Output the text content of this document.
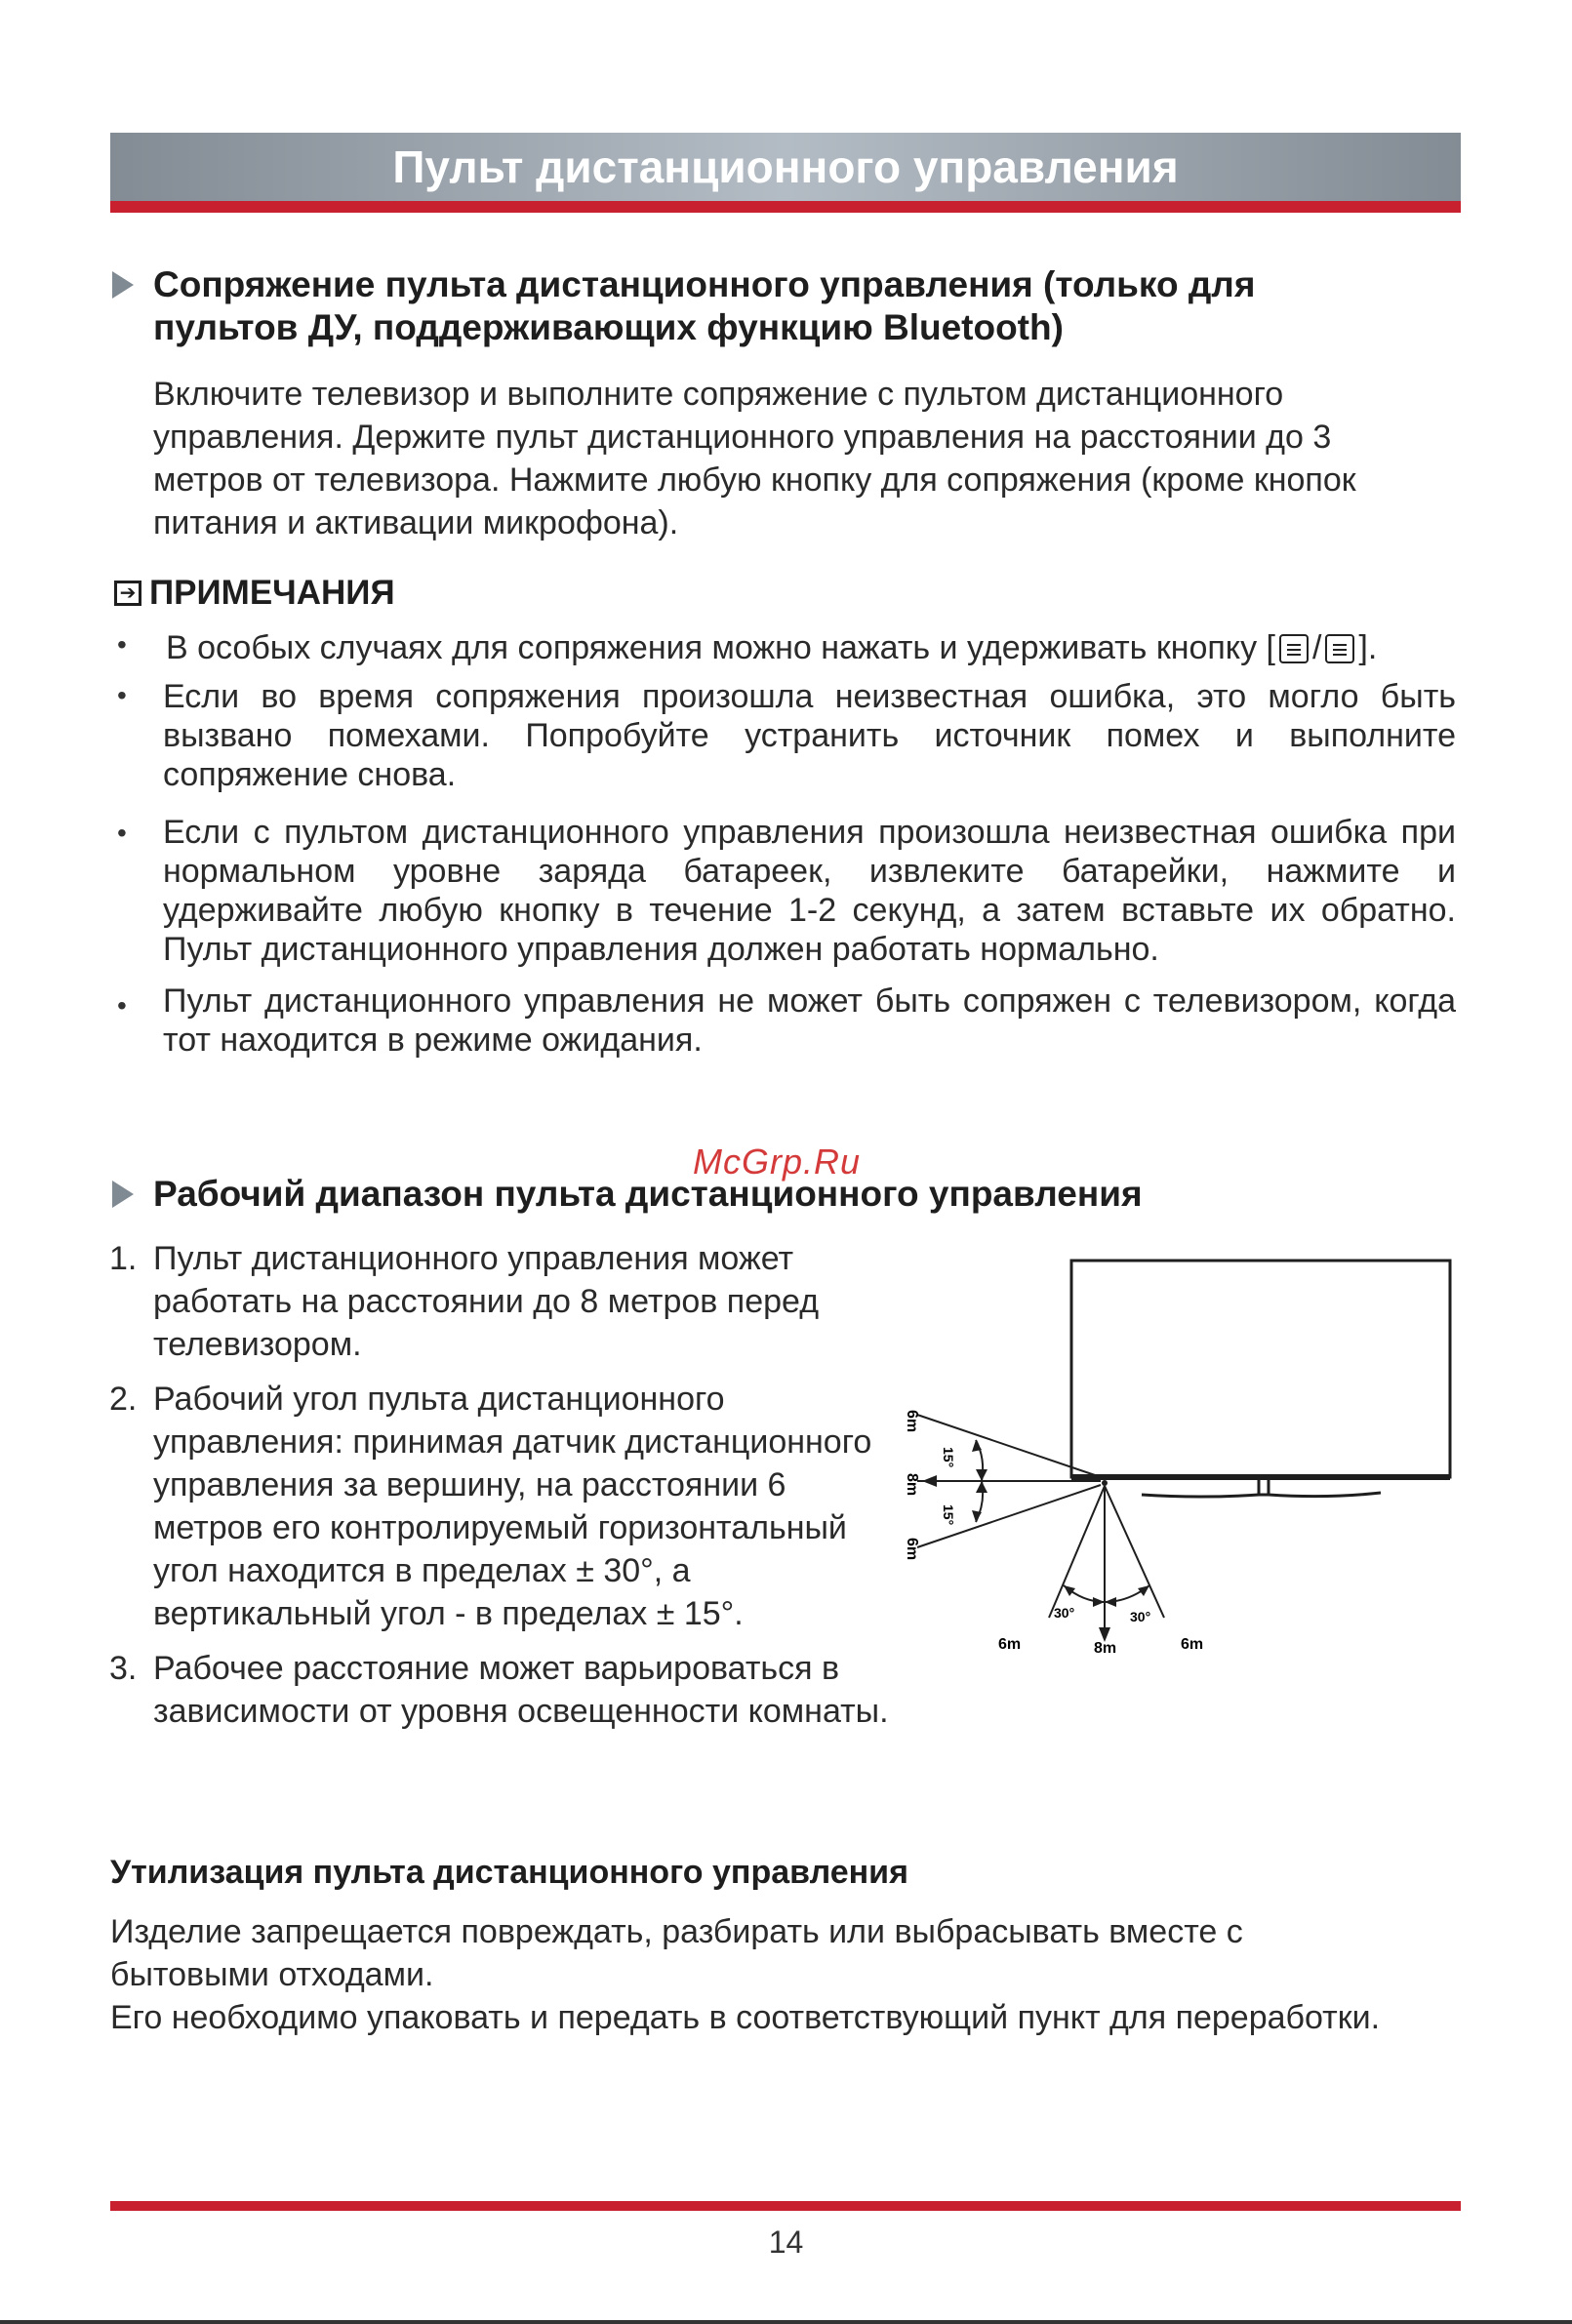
Пульт дистанционного управления
Сопряжение пульта дистанционного управления (только для
пультов ДУ, поддерживающих функцию Bluetooth)
Включите телевизор и выполните сопряжение с пультом дистанционного
управления. Держите пульт дистанционного управления на расстоянии до 3
метров от телевизора. Нажмите любую кнопку для сопряжения (кроме кнопок
питания и активации микрофона).
➔ ПРИМЕЧАНИЯ
• В особых случаях для сопряжения можно нажать и удерживать кнопку [ / ].
• Если во время сопряжения произошла неизвестная ошибка, это могло быть вызвано помехами. Попробуйте устранить источник помех и выполните сопряжение снова.
• Если с пультом дистанционного управления произошла неизвестная ошибка при нормальном уровне заряда батареек, извлеките батарейки, нажмите и удерживайте любую кнопку в течение 1-2 секунд, а затем вставьте их обратно. Пульт дистанционного управления должен работать нормально.
• Пульт дистанционного управления не может быть сопряжен с телевизором, когда тот находится в режиме ожидания.
McGrp.Ru
Рабочий диапазон пульта дистанционного управления
1. Пульт дистанционного управления может
работать на расстоянии до 8 метров перед
телевизором.
2. Рабочий угол пульта дистанционного
управления: принимая датчик дистанционного
управления за вершину, на расстоянии 6
метров его контролируемый горизонтальный
угол находится в пределах ± 30°, а
вертикальный угол - в пределах ± 15°.
3. Рабочее расстояние может варьироваться в
зависимости от уровня освещенности комнаты.
6m
8m
6m
15°
15°
30°	30°
6m	8m	6m
Утилизация пульта дистанционного управления
Изделие запрещается повреждать, разбирать или выбрасывать вместе с
бытовыми отходами.
Его необходимо упаковать и передать в соответствующий пункт для переработки.
14
